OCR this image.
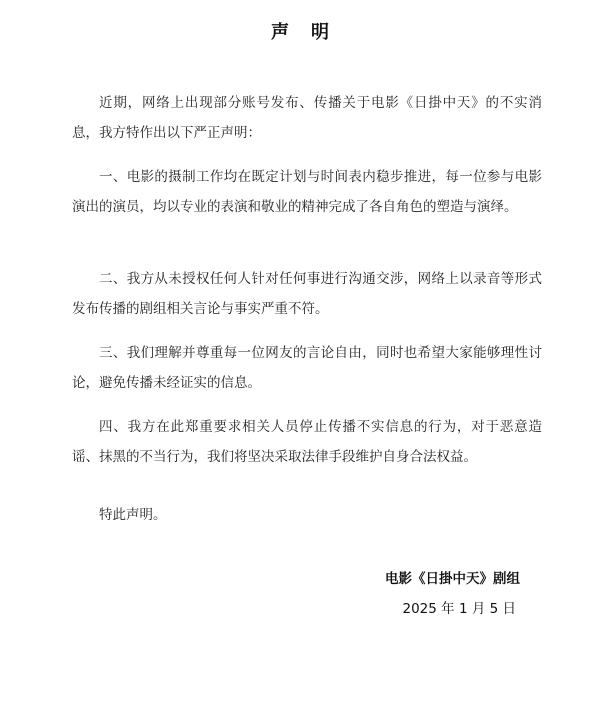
声明

近期，网络上出现部分账号发布、传播关于电影《日掛中天》的不实消息，我方特作出以下严正声明：

一、电影的摄制工作均在既定计划与时间表内稳步推进，每一位参与电影演出的演员，均以专业的表演和敬业的精神完成了各自角色的塑造与演绎。

二、我方从未授权任何人针对任何事进行沟通交涉，网络上以录音等形式发布传播的剧组相关言论与事实严重不符。

三、我们理解并尊重每一位网友的言论自由，同时也希望大家能够理性讨论，避免传播未经证实的信息。

四、我方在此郑重要求相关人员停止传播不实信息的行为，对于恶意造谣、抹黑的不当行为，我们将坚决采取法律手段维护自身合法权益。

特此声明。

电影《日掛中天》剧组
2025 年 1 月 5 日
